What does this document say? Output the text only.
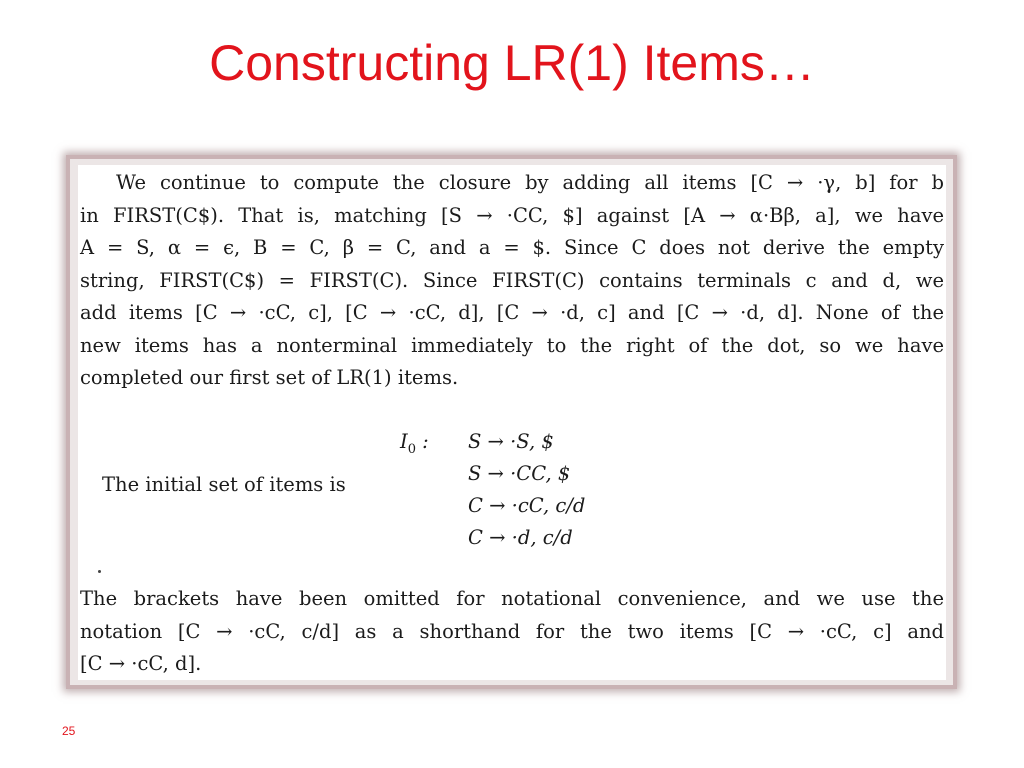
Constructing LR(1) Items…
We continue to compute the closure by adding all items [C → ·γ, b] for b
in FIRST(C$). That is, matching [S → ·CC, $] against [A → α·Bβ, a], we have
A = S, α = ϵ, B = C, β = C, and a = $. Since C does not derive the empty
string, FIRST(C$) = FIRST(C). Since FIRST(C) contains terminals c and d, we
add items [C → ·cC, c], [C → ·cC, d], [C → ·d, c] and [C → ·d, d]. None of the
new items has a nonterminal immediately to the right of the dot, so we have
completed our first set of LR(1) items.
The initial set of items is
$I_0$ : S → ·S, $
S → ·CC, $
C → ·cC, c/d
C → ·d, c/d
The brackets have been omitted for notational convenience, and we use the
notation [C → ·cC, c/d] as a shorthand for the two items [C → ·cC, c] and
[C → ·cC, d].
25
